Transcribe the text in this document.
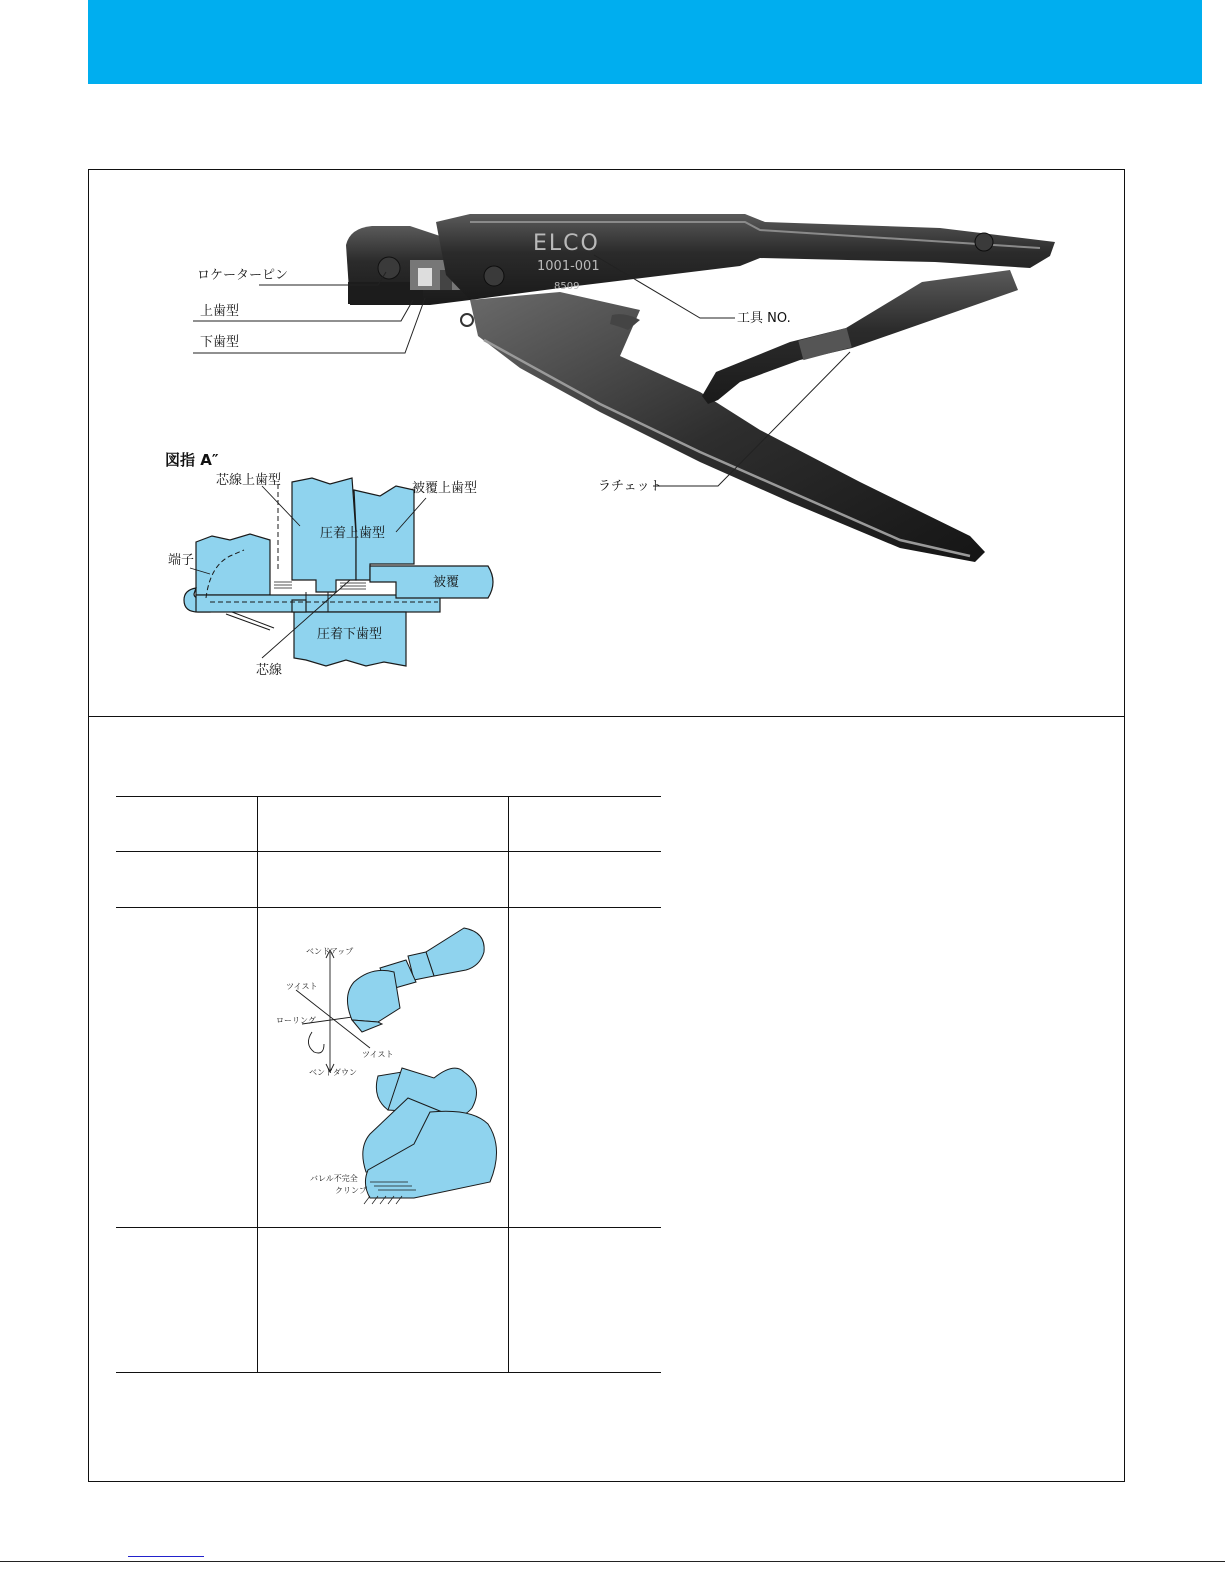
ELCO
1001-001
8509
ロケーターピン
上歯型
下歯型
工具 NO.
ラチェット
図指 A″
芯線上歯型
被覆上歯型
圧着上歯型
端子
被覆
圧着下歯型
芯線
ベンドアップ
ツイスト
ローリング
ツイスト
ベンドダウン
バレル不完全
クリンプ
